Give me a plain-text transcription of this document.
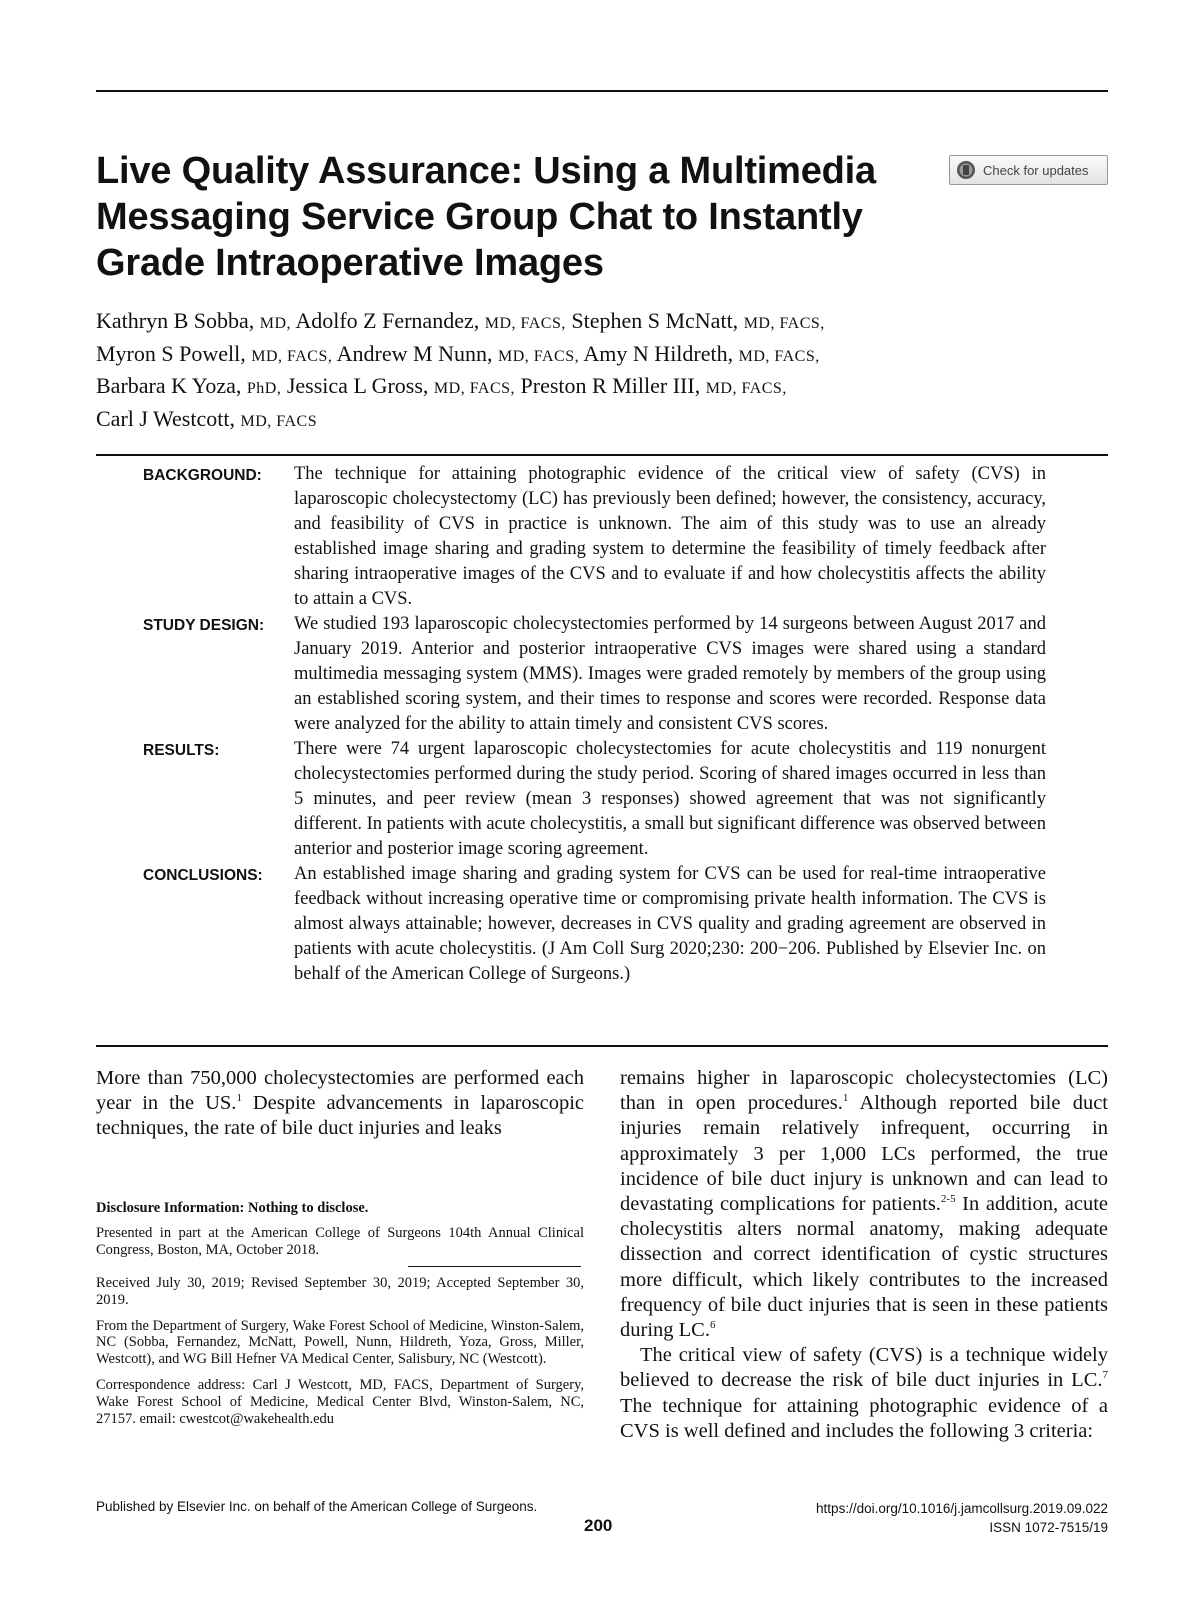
Live Quality Assurance: Using a Multimedia Messaging Service Group Chat to Instantly Grade Intraoperative Images
Check for updates
Kathryn B Sobba, MD, Adolfo Z Fernandez, MD, FACS, Stephen S McNatt, MD, FACS,
Myron S Powell, MD, FACS, Andrew M Nunn, MD, FACS, Amy N Hildreth, MD, FACS,
Barbara K Yoza, PhD, Jessica L Gross, MD, FACS, Preston R Miller III, MD, FACS,
Carl J Westcott, MD, FACS
BACKGROUND:	The technique for attaining photographic evidence of the critical view of safety (CVS) in laparoscopic cholecystectomy (LC) has previously been defined; however, the consistency, accuracy, and feasibility of CVS in practice is unknown. The aim of this study was to use an already established image sharing and grading system to determine the feasibility of timely feedback after sharing intraoperative images of the CVS and to evaluate if and how cholecystitis affects the ability to attain a CVS.
STUDY DESIGN:	We studied 193 laparoscopic cholecystectomies performed by 14 surgeons between August 2017 and January 2019. Anterior and posterior intraoperative CVS images were shared using a standard multimedia messaging system (MMS). Images were graded remotely by members of the group using an established scoring system, and their times to response and scores were recorded. Response data were analyzed for the ability to attain timely and consistent CVS scores.
RESULTS:	There were 74 urgent laparoscopic cholecystectomies for acute cholecystitis and 119 nonurgent cholecystectomies performed during the study period. Scoring of shared images occurred in less than 5 minutes, and peer review (mean 3 responses) showed agreement that was not significantly different. In patients with acute cholecystitis, a small but significant difference was observed between anterior and posterior image scoring agreement.
CONCLUSIONS:	An established image sharing and grading system for CVS can be used for real-time intraoperative feedback without increasing operative time or compromising private health information. The CVS is almost always attainable; however, decreases in CVS quality and grading agreement are observed in patients with acute cholecystitis. (J Am Coll Surg 2020;230: 200−206. Published by Elsevier Inc. on behalf of the American College of Surgeons.)

More than 750,000 cholecystectomies are performed each year in the US.$^1$ Despite advancements in laparoscopic techniques, the rate of bile duct injuries and leaks

Disclosure Information: Nothing to disclose.

Presented in part at the American College of Surgeons 104th Annual Clinical Congress, Boston, MA, October 2018.

Received July 30, 2019; Revised September 30, 2019; Accepted September 30, 2019.

From the Department of Surgery, Wake Forest School of Medicine, Winston-Salem, NC (Sobba, Fernandez, McNatt, Powell, Nunn, Hildreth, Yoza, Gross, Miller, Westcott), and WG Bill Hefner VA Medical Center, Salisbury, NC (Westcott).

Correspondence address: Carl J Westcott, MD, FACS, Department of Surgery, Wake Forest School of Medicine, Medical Center Blvd, Winston-Salem, NC, 27157. email: cwestcot@wakehealth.edu

remains higher in laparoscopic cholecystectomies (LC) than in open procedures.$^1$ Although reported bile duct injuries remain relatively infrequent, occurring in approximately 3 per 1,000 LCs performed, the true incidence of bile duct injury is unknown and can lead to devastating complications for patients.$^{2-5}$ In addition, acute cholecystitis alters normal anatomy, making adequate dissection and correct identification of cystic structures more difficult, which likely contributes to the increased frequency of bile duct injuries that is seen in these patients during LC.$^6$

The critical view of safety (CVS) is a technique widely believed to decrease the risk of bile duct injuries in LC.$^7$ The technique for attaining photographic evidence of a CVS is well defined and includes the following 3 criteria:

Published by Elsevier Inc. on behalf of the American College of Surgeons.
200
https://doi.org/10.1016/j.jamcollsurg.2019.09.022
ISSN 1072-7515/19
